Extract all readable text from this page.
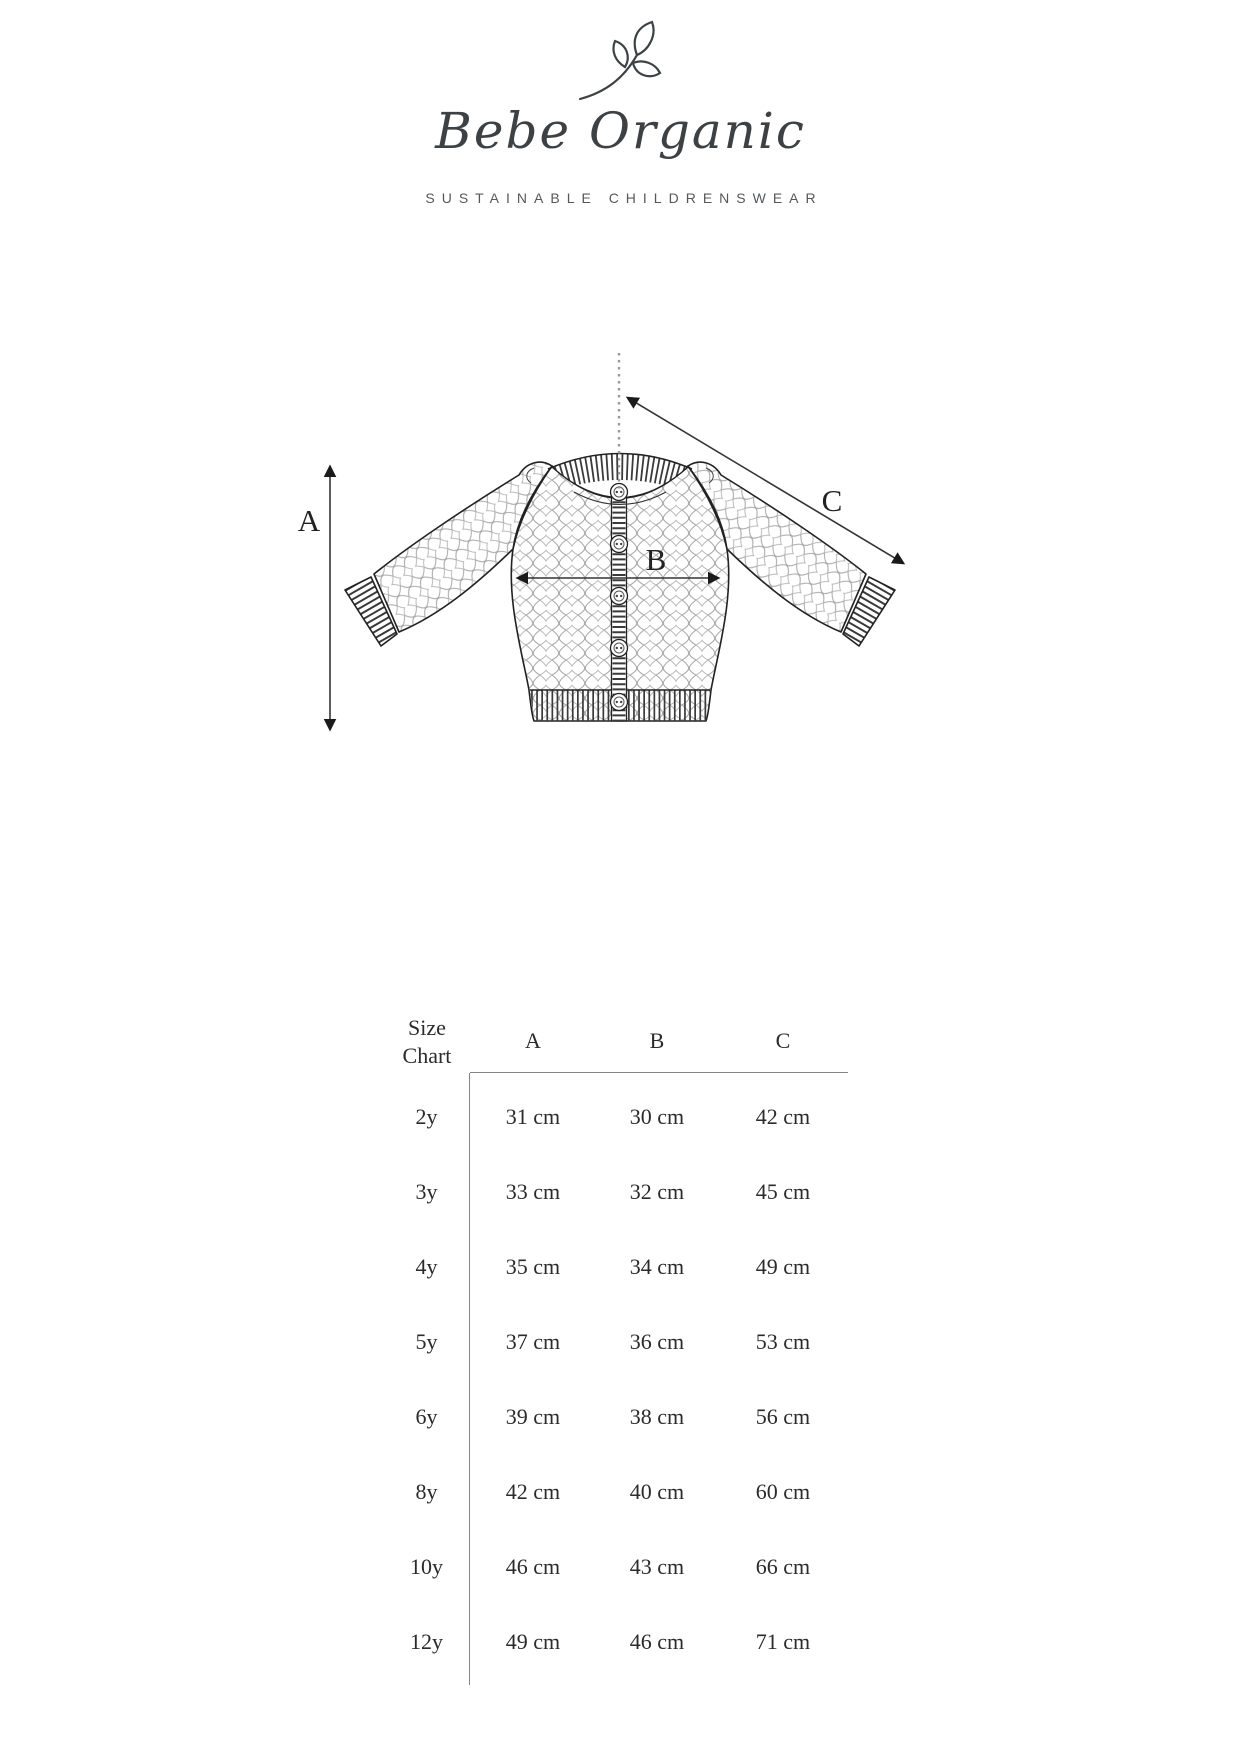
Bebe Organic
SUSTAINABLE CHILDRENSWEAR
A
B
C
Size
Chart
A	B	C
2y	31 cm	30 cm	42 cm
3y	33 cm	32 cm	45 cm
4y	35 cm	34 cm	49 cm
5y	37 cm	36 cm	53 cm
6y	39 cm	38 cm	56 cm
8y	42 cm	40 cm	60 cm
10y	46 cm	43 cm	66 cm
12y	49 cm	46 cm	71 cm
